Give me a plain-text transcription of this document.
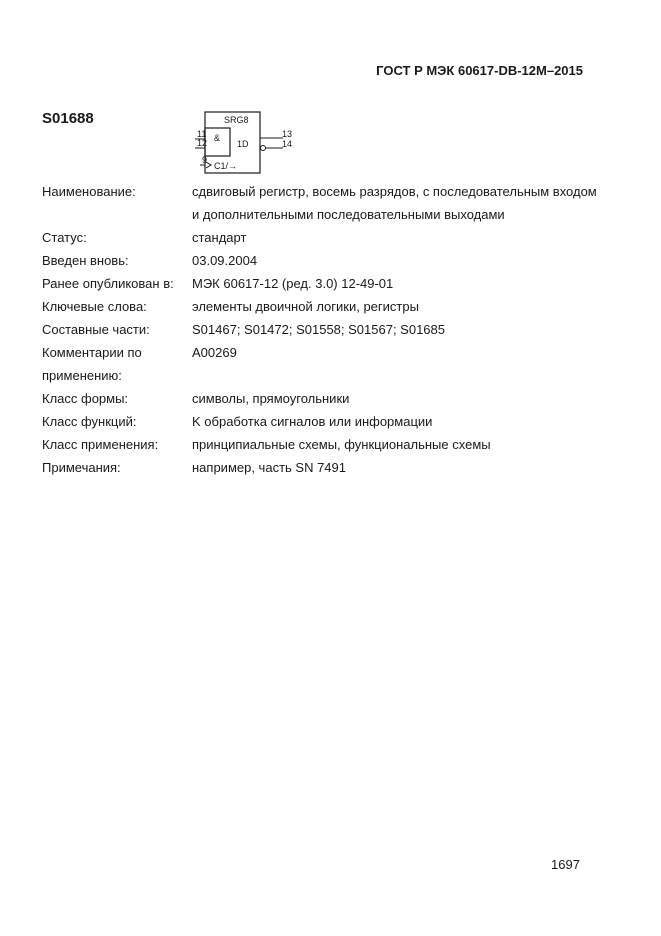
ГОСТ Р МЭК 60617-DB-12M–2015
S01688	SRG8
&
1D
C1/→
11
12
9
13
14
Наименование:	сдвиговый регистр, восемь разрядов, с последовательным входом и дополнительными последовательными выходами
Статус:	стандарт
Введен вновь:	03.09.2004
Ранее опубликован в:	МЭК 60617-12 (ред. 3.0) 12-49-01
Ключевые слова:	элементы двоичной логики, регистры
Составные части:	S01467; S01472; S01558; S01567; S01685
Комментарии по применению:
A00269
Класс формы:	символы, прямоугольники
Класс функций:	K обработка сигналов или информации
Класс применения:	принципиальные схемы, функциональные схемы
Примечания:	например, часть SN 7491
1697
